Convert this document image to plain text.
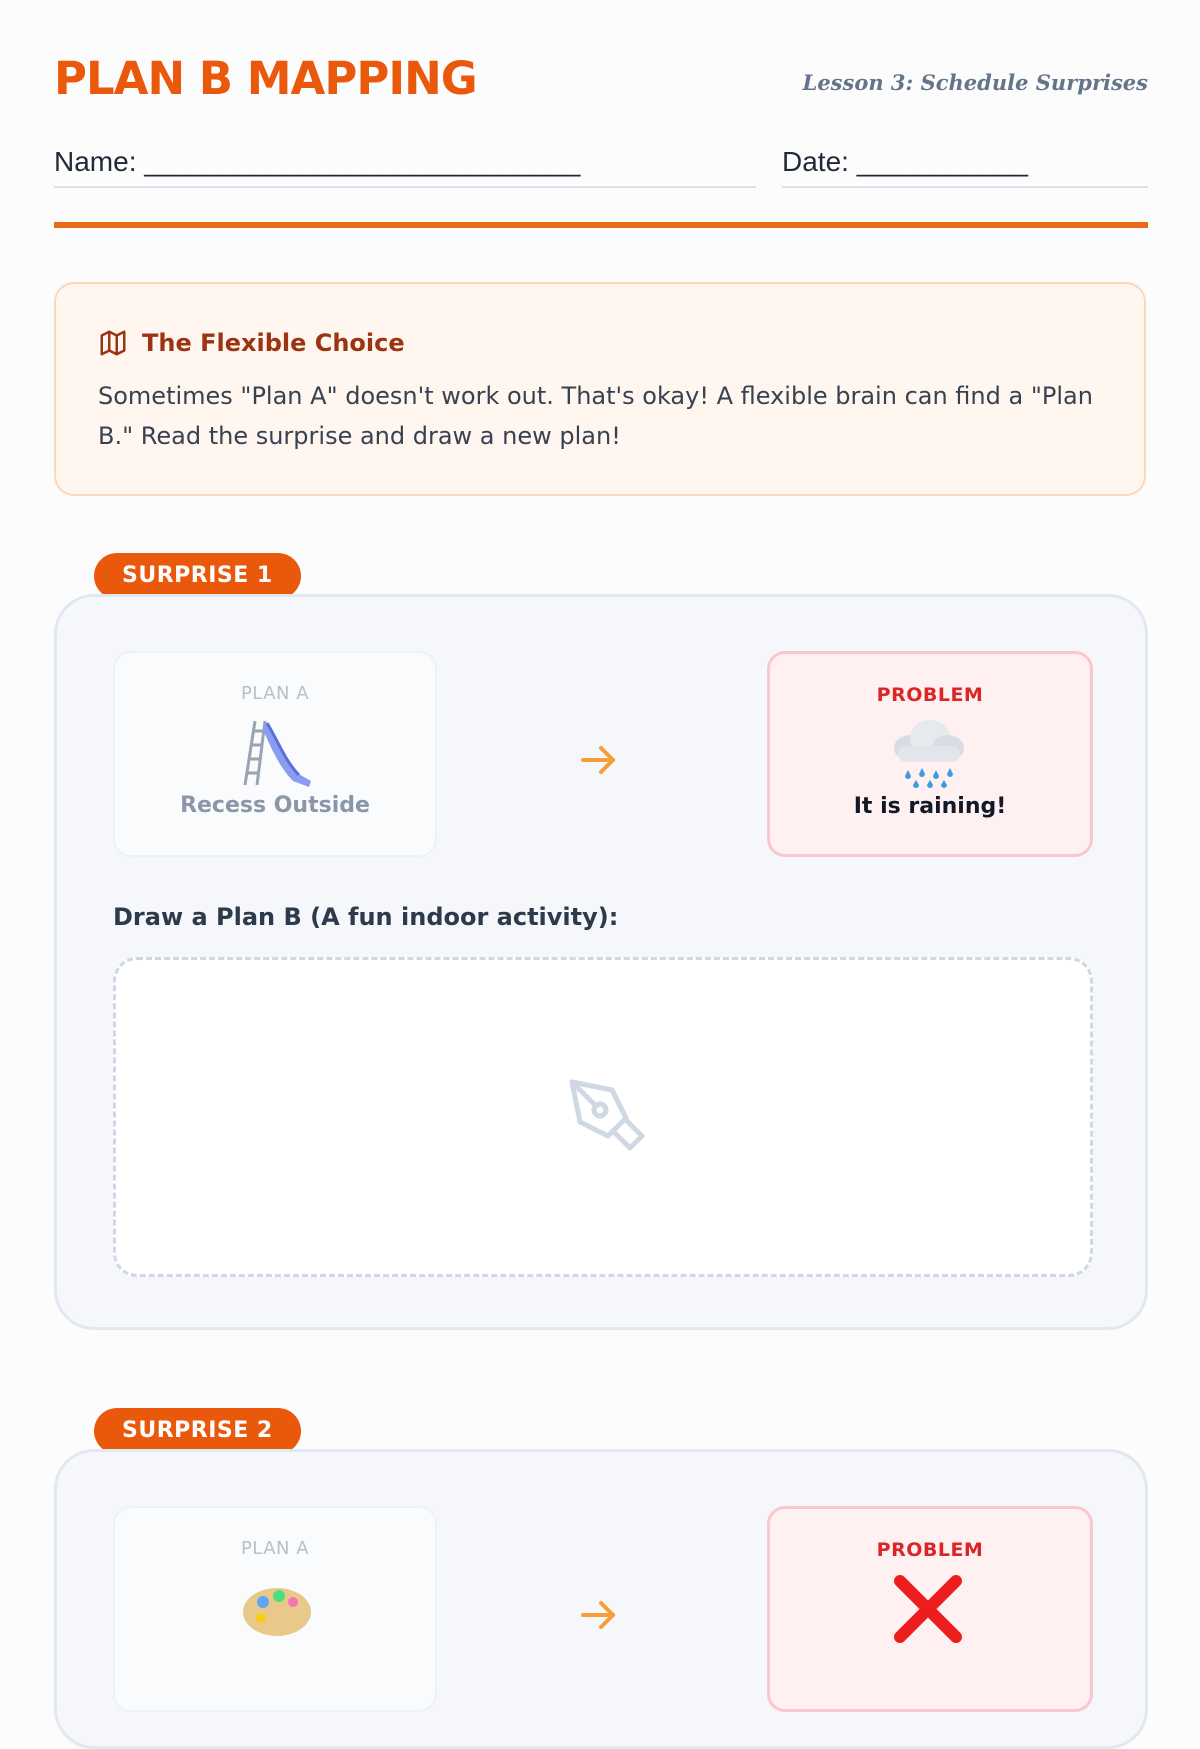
PLAN B MAPPING	Lesson 3: Schedule Surprises
Name: ____________________________	Date: ___________
The Flexible Choice
Sometimes "Plan A" doesn't work out. That's okay! A flexible brain can find a "Plan B." Read the surprise and draw a new plan!
SURPRISE 1
PLAN A
Recess Outside
PROBLEM
It is raining!
Draw a Plan B (A fun indoor activity):
SURPRISE 2
PLAN A	PROBLEM
